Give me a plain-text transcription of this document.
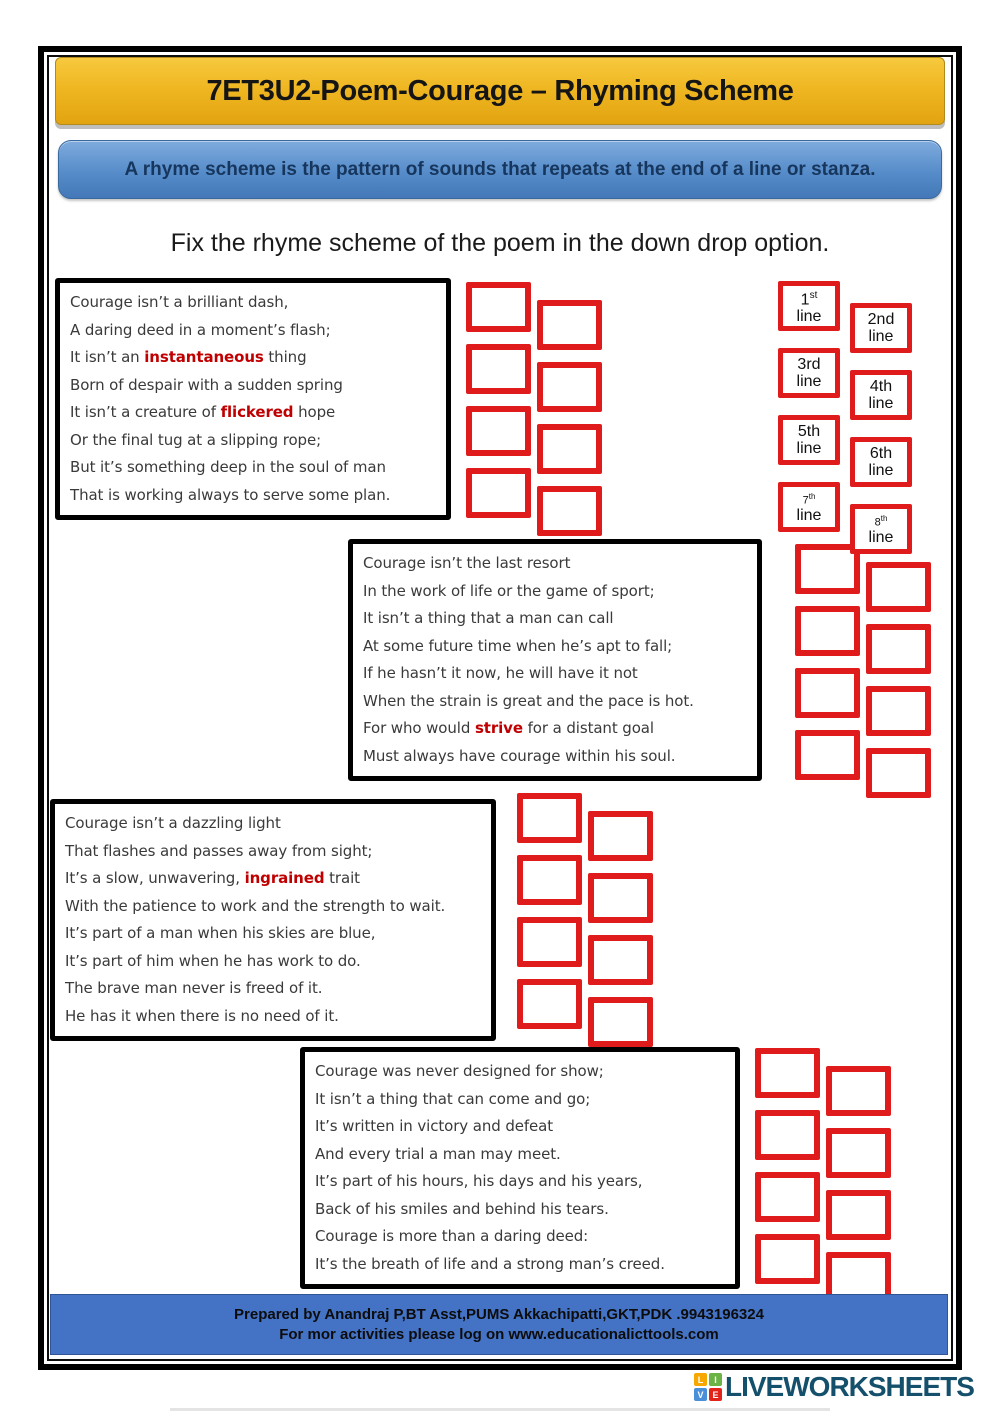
7ET3U2-Poem-Courage – Rhyming Scheme

A rhyme scheme is the pattern of sounds that repeats at the end of a line or stanza.

Fix the rhyme scheme of the poem in the down drop option.
Courage isn’t a brilliant dash,
A daring deed in a moment’s flash;
It isn’t an instantaneous thing
Born of despair with a sudden spring
It isn’t a creature of flickered hope
Or the final tug at a slipping rope;
But it’s something deep in the soul of man
That is working always to serve some plan.
Courage isn’t the last resort
In the work of life or the game of sport;
It isn’t a thing that a man can call
At some future time when he’s apt to fall;
If he hasn’t it now, he will have it not
When the strain is great and the pace is hot.
For who would strive for a distant goal
Must always have courage within his soul.
Courage isn’t a dazzling light
That flashes and passes away from sight;
It’s a slow, unwavering, ingrained trait
With the patience to work and the strength to wait.
It’s part of a man when his skies are blue,
It’s part of him when he has work to do.
The brave man never is freed of it.
He has it when there is no need of it.
Courage was never designed for show;
It isn’t a thing that can come and go;
It’s written in victory and defeat
And every trial a man may meet.
It’s part of his hours, his days and his years,
Back of his smiles and behind his tears.
Courage is more than a daring deed:
It’s the breath of life and a strong man’s creed.
1st
line
3rd
line
5th
line
7th
line
2nd
line
4th
line
6th
line
8th
line
Prepared by Anandraj P,BT Asst,PUMS Akkachipatti,GKT,PDK .9943196324
For mor activities please log on www.educationalicttools.com
L	I
V E LIVEWORKSHEETS
